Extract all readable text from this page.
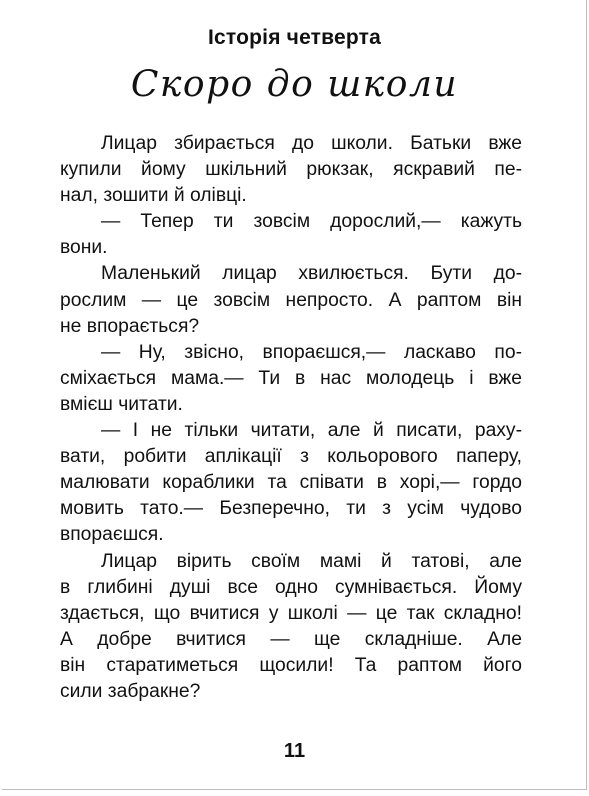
Історія четверта
Скоро до школи
Лицар збирається до школи. Батьки вже
купили йому шкільний рюкзак, яскравий пе-
нал, зошити й олівці.
— Тепер ти зовсім дорослий,— кажуть
вони.
Маленький лицар хвилюється. Бути до-
рослим — це зовсім непросто. А раптом він
не впорається?
— Ну, звісно, впораєшся,— ласкаво по-
сміхається мама.— Ти в нас молодець і вже
вмієш читати.
— І не тільки читати, але й писати, раху-
вати, робити аплікації з кольорового паперу,
малювати кораблики та співати в хорі,— гордо
мовить тато.— Безперечно, ти з усім чудово
впораєшся.
Лицар вірить своїм мамі й татові, але
в глибині душі все одно сумнівається. Йому
здається, що вчитися у школі — це так складно!
А добре вчитися — ще складніше. Але
він старатиметься щосили! Та раптом його
сили забракне?
11
